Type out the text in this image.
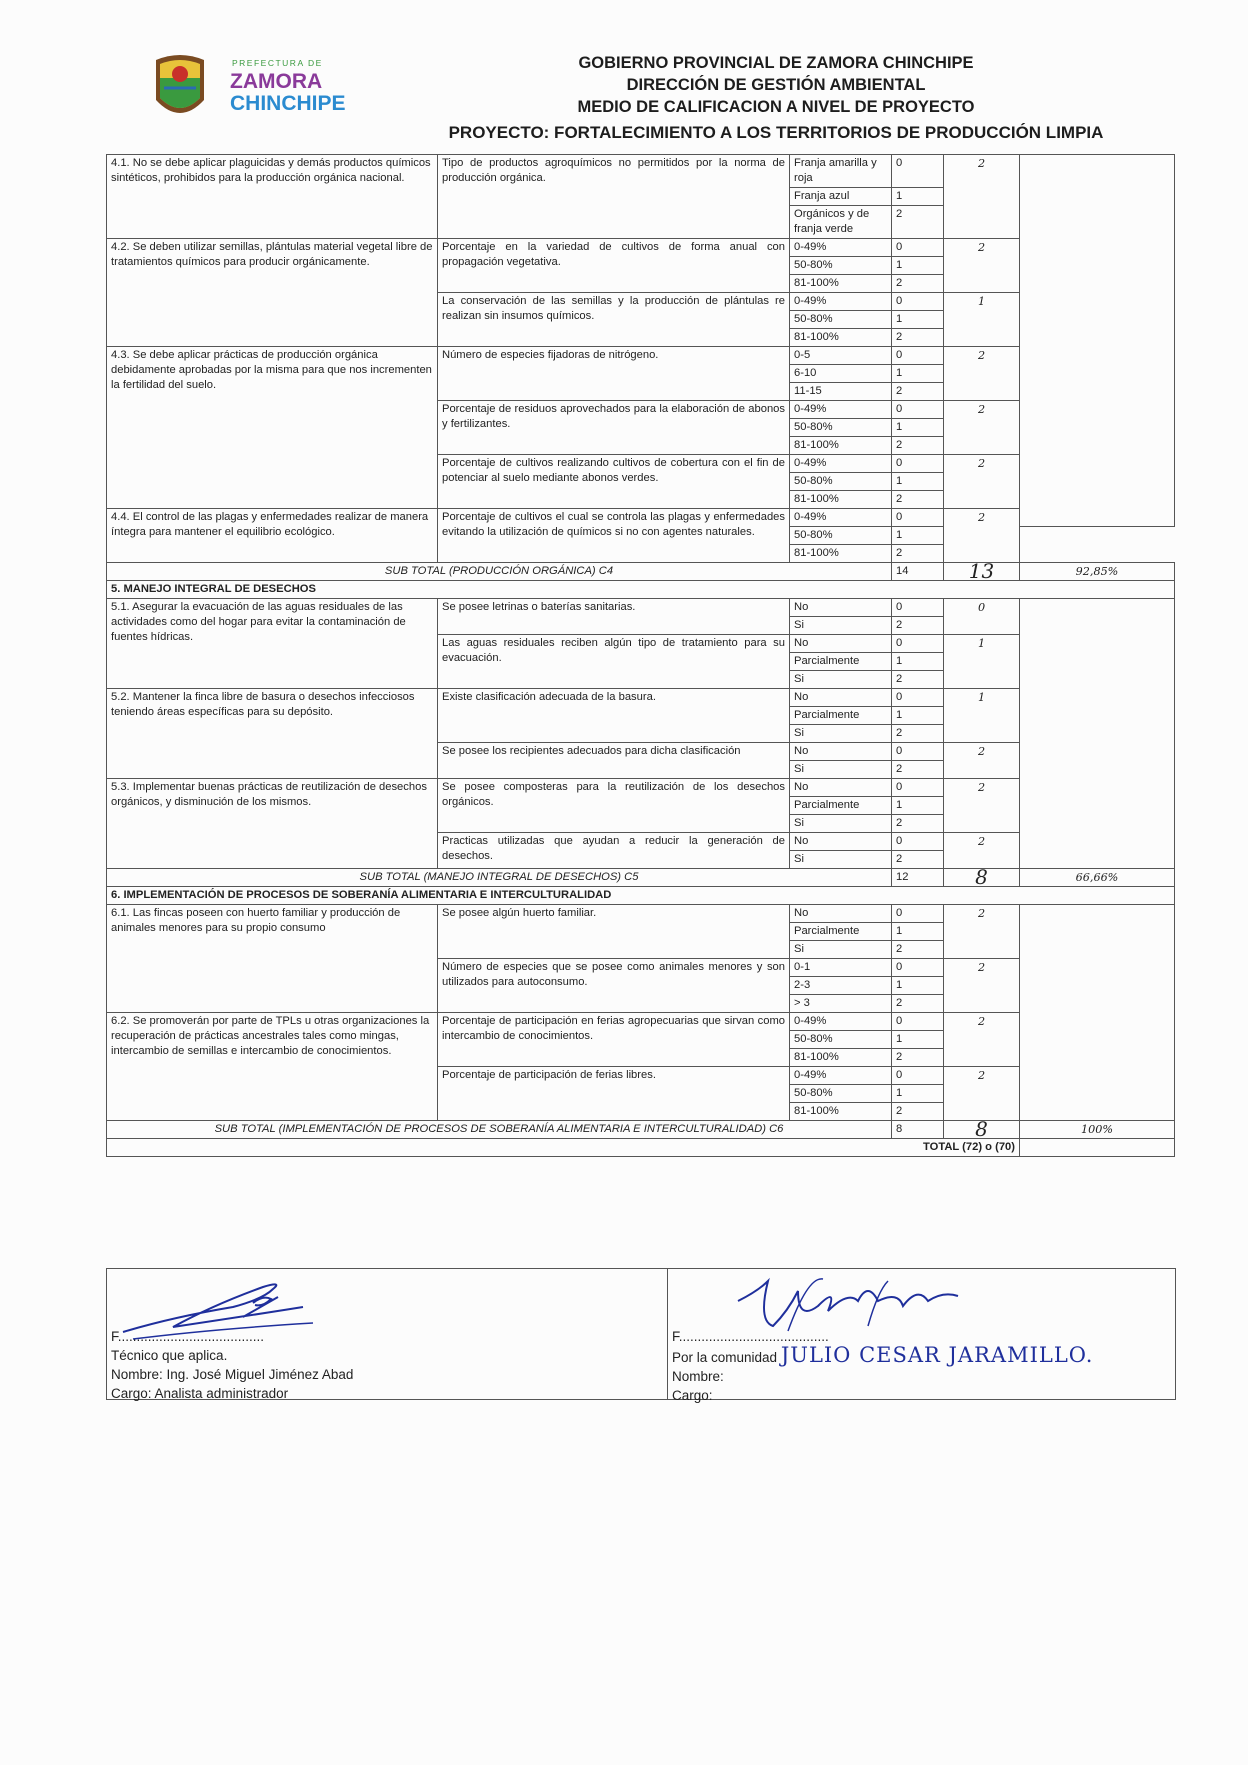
PREFECTURA DE
ZAMORA
CHINCHIPE
GOBIERNO PROVINCIAL DE ZAMORA CHINCHIPE
DIRECCIÓN DE GESTIÓN AMBIENTAL
MEDIO DE CALIFICACION A NIVEL DE PROYECTO
PROYECTO: FORTALECIMIENTO A LOS TERRITORIOS DE PRODUCCIÓN LIMPIA
4.1. No se debe aplicar plaguicidas y demás productos químicos sintéticos, prohibidos para la producción orgánica nacional.	Tipo de productos agroquímicos no permitidos por la norma de producción orgánica.	Franja amarilla y roja	0	2	
		Franja azul	1		
		Orgánicos y de franja verde	2		
4.2. Se deben utilizar semillas, plántulas material vegetal libre de tratamientos químicos para producir orgánicamente.	Porcentaje en la variedad de cultivos de forma anual con propagación vegetativa.	0-49%	0	2	
		50-80%	1		
		81-100%	2		
	La conservación de las semillas y la producción de plántulas re realizan sin insumos químicos.	0-49%	0	1	
		50-80%	1		
		81-100%	2		
4.3. Se debe aplicar prácticas de producción orgánica debidamente aprobadas por la misma para que nos incrementen la fertilidad del suelo.	Número de especies fijadoras de nitrógeno.	0-5	0	2	
		6-10	1		
		11-15	2		
	Porcentaje de residuos aprovechados para la elaboración de abonos y fertilizantes.	0-49%	0	2	
		50-80%	1		
		81-100%	2		
	Porcentaje de cultivos realizando cultivos de cobertura con el fin de potenciar al suelo mediante abonos verdes.	0-49%	0	2	
		50-80%	1		
		81-100%	2		
4.4. El control de las plagas y enfermedades realizar de manera íntegra para mantener el equilibrio ecológico.	Porcentaje de cultivos el cual se controla las plagas y enfermedades evitando la utilización de químicos si no con agentes naturales.	0-49%	0	2	
		50-80%	1		
		81-100%	2		
SUB TOTAL (PRODUCCIÓN ORGÁNICA) C4			14	13	92,85%
5. MANEJO INTEGRAL DE DESECHOS					
5.1. Asegurar la evacuación de las aguas residuales de las actividades como del hogar para evitar la contaminación de fuentes hídricas.	Se posee letrinas o baterías sanitarias.	No	0	0	
		Si	2		
	Las aguas residuales reciben algún tipo de tratamiento para su evacuación.	No	0	1	
		Parcialmente	1		
		Si	2		
5.2. Mantener la finca libre de basura o desechos infecciosos teniendo áreas específicas para su depósito.	Existe clasificación adecuada de la basura.	No	0	1	
		Parcialmente	1		
		Si	2		
	Se posee los recipientes adecuados para dicha clasificación	No	0	2	
		Si	2		
5.3. Implementar buenas prácticas de reutilización de desechos orgánicos, y disminución de los mismos.	Se posee composteras para la reutilización de los desechos orgánicos.	No	0	2	
		Parcialmente	1		
		Si	2		
	Practicas utilizadas que ayudan a reducir la generación de desechos.	No	0	2	
		Si	2		
SUB TOTAL (MANEJO INTEGRAL DE DESECHOS) C5			12	8	66,66%
6. IMPLEMENTACIÓN DE PROCESOS DE SOBERANÍA ALIMENTARIA E INTERCULTURALIDAD					
6.1. Las fincas poseen con huerto familiar y producción de animales menores para su propio consumo	Se posee algún huerto familiar.	No	0	2	
		Parcialmente	1		
		Si	2		
	Número de especies que se posee como animales menores y son utilizados para autoconsumo.	0-1	0	2	
		2-3	1		
		> 3	2		
6.2. Se promoverán por parte de TPLs u otras organizaciones la recuperación de prácticas ancestrales tales como mingas, intercambio de semillas e intercambio de conocimientos.	Porcentaje de participación en ferias agropecuarias que sirvan como intercambio de conocimientos.	0-49%	0	2	
		50-80%	1		
		81-100%	2		
	Porcentaje de participación de ferias libres.	0-49%	0	2	
		50-80%	1		
		81-100%	2		
SUB TOTAL (IMPLEMENTACIÓN DE PROCESOS DE SOBERANÍA ALIMENTARIA E INTERCULTURALIDAD) C6			8	8	100%
TOTAL (72) o (70)					
F.......................................
Técnico que aplica.
Nombre: Ing. José Miguel Jiménez Abad
Cargo: Analista administrador
F........................................
Por la comunidad JULIO CESAR JARAMILLO.
Nombre:
Cargo:
